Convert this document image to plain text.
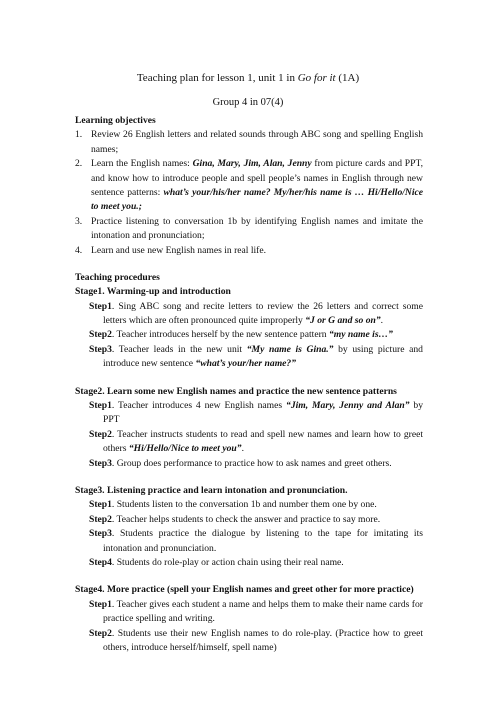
Teaching plan for lesson 1, unit 1 in Go for it (1A)
Group 4 in 07(4)

Learning objectives

1. Review 26 English letters and related sounds through ABC song and spelling English names;
2. Learn the English names: Gina, Mary, Jim, Alan, Jenny from picture cards and PPT, and know how to introduce people and spell people’s names in English through new sentence patterns: what’s your/his/her name? My/her/his name is … Hi/Hello/Nice to meet you.;
3. Practice listening to conversation 1b by identifying English names and imitate the intonation and pronunciation;
4. Learn and use new English names in real life.

Teaching procedures

Stage1. Warming-up and introduction
Step1. Sing ABC song and recite letters to review the 26 letters and correct some letters which are often pronounced quite improperly “J or G and so on”.
Step2. Teacher introduces herself by the new sentence pattern “my name is…”
Step3. Teacher leads in the new unit “My name is Gina.” by using picture and introduce new sentence “what’s your/her name?”
Stage2. Learn some new English names and practice the new sentence patterns
Step1. Teacher introduces 4 new English names “Jim, Mary, Jenny and Alan” by PPT
Step2. Teacher instructs students to read and spell new names and learn how to greet others “Hi/Hello/Nice to meet you”.
Step3. Group does performance to practice how to ask names and greet others.
Stage3. Listening practice and learn intonation and pronunciation.
Step1. Students listen to the conversation 1b and number them one by one.
Step2. Teacher helps students to check the answer and practice to say more.
Step3. Students practice the dialogue by listening to the tape for imitating its intonation and pronunciation.
Step4. Students do role-play or action chain using their real name.
Stage4. More practice (spell your English names and greet other for more practice)
Step1. Teacher gives each student a name and helps them to make their name cards for practice spelling and writing.
Step2. Students use their new English names to do role-play. (Practice how to greet others, introduce herself/himself, spell name)
